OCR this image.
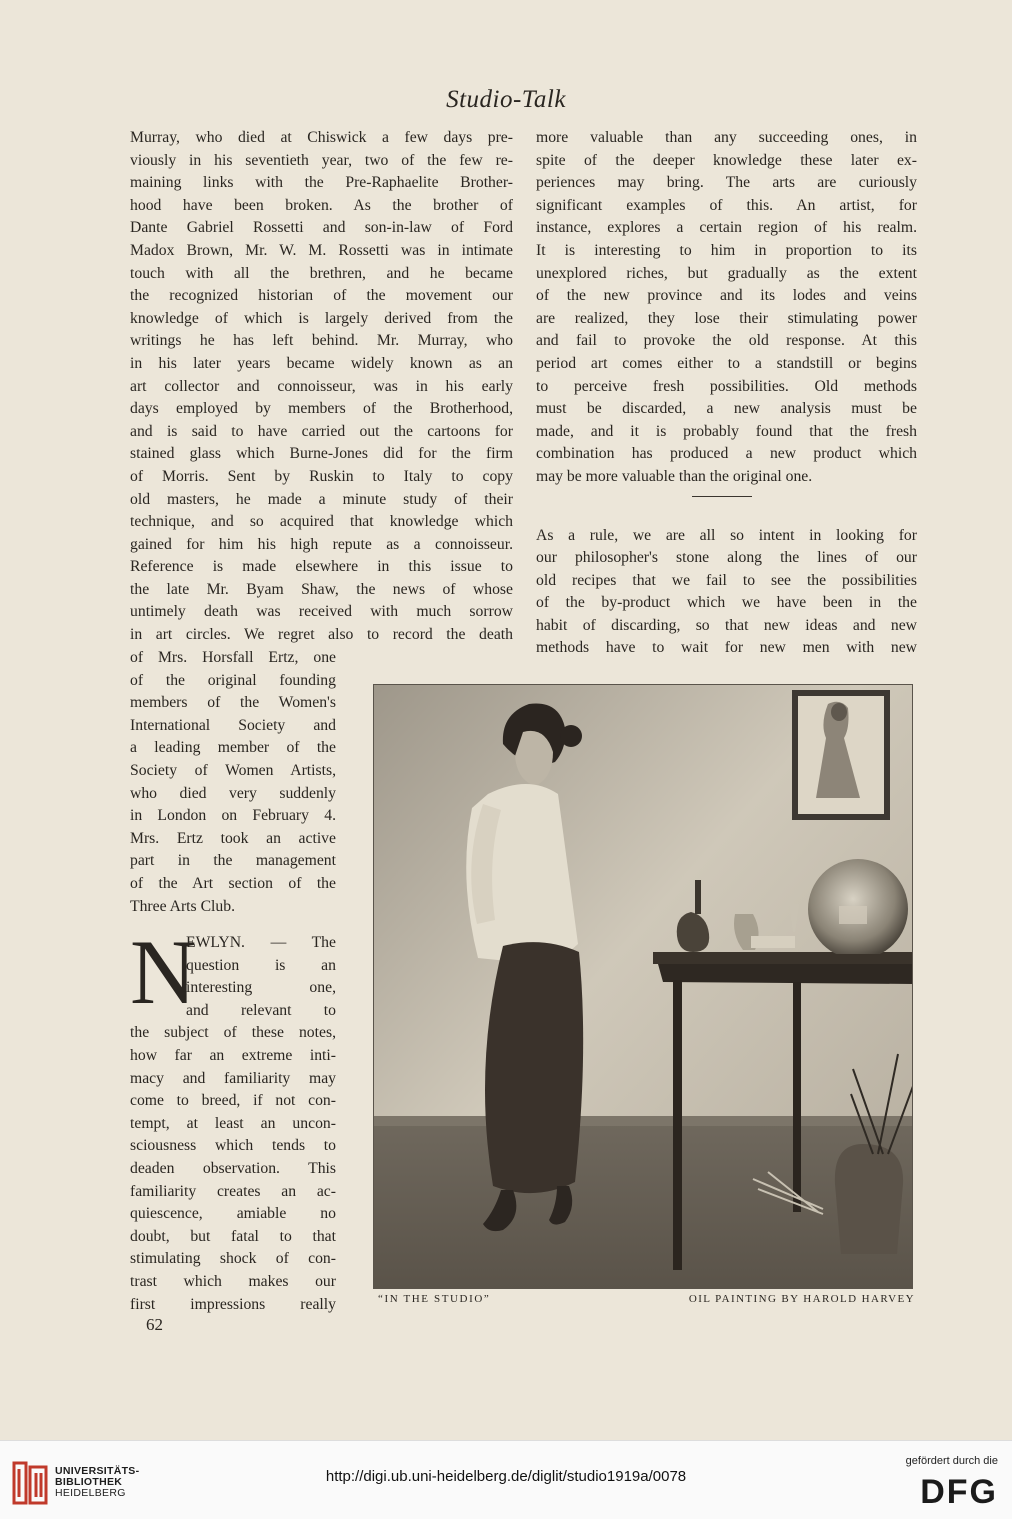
Studio-Talk
Murray, who died at Chiswick a few days pre-
viously in his seventieth year, two of the few re-
maining links with the Pre-Raphaelite Brother-
hood have been broken. As the brother of
Dante Gabriel Rossetti and son-in-law of Ford
Madox Brown, Mr. W. M. Rossetti was in intimate
touch with all the brethren, and he became
the recognized historian of the movement our
knowledge of which is largely derived from the
writings he has left behind. Mr. Murray, who
in his later years became widely known as an
art collector and connoisseur, was in his early
days employed by members of the Brotherhood,
and is said to have carried out the cartoons for
stained glass which Burne-Jones did for the firm
of Morris. Sent by Ruskin to Italy to copy
old masters, he made a minute study of their
technique, and so acquired that knowledge which
gained for him his high repute as a connoisseur.
Reference is made elsewhere in this issue to
the late Mr. Byam Shaw, the news of whose
untimely death was received with much sorrow
in art circles. We regret also to record the death
of Mrs. Horsfall Ertz, one
of the original founding
members of the Women's
International Society and
a leading member of the
Society of Women Artists,
who died very suddenly
in London on February 4.
Mrs. Ertz took an active
part in the management
of the Art section of the
Three Arts Club.
N
EWLYN. — The
question is an
interesting one,
and relevant to
the subject of these notes,
how far an extreme inti-
macy and familiarity may
come to breed, if not con-
tempt, at least an uncon-
sciousness which tends to
deaden observation. This
familiarity creates an ac-
quiescence, amiable no
doubt, but fatal to that
stimulating shock of con-
trast which makes our
first impressions really
more valuable than any succeeding ones, in
spite of the deeper knowledge these later ex-
periences may bring. The arts are curiously
significant examples of this. An artist, for
instance, explores a certain region of his realm.
It is interesting to him in proportion to its
unexplored riches, but gradually as the extent
of the new province and its lodes and veins
are realized, they lose their stimulating power
and fail to provoke the old response. At this
period art comes either to a standstill or begins
to perceive fresh possibilities. Old methods
must be discarded, a new analysis must be
made, and it is probably found that the fresh
combination has produced a new product which
may be more valuable than the original one.
As a rule, we are all so intent in looking for
our philosopher's stone along the lines of our
old recipes that we fail to see the possibilities
of the by-product which we have been in the
habit of discarding, so that new ideas and new
methods have to wait for new men with new
“IN THE STUDIO”	OIL PAINTING BY HAROLD HARVEY
62
UNIVERSITÄTS-
BIBLIOTHEK
HEIDELBERG
http://digi.ub.uni-heidelberg.de/diglit/studio1919a/0078
gefördert durch die
DFG
